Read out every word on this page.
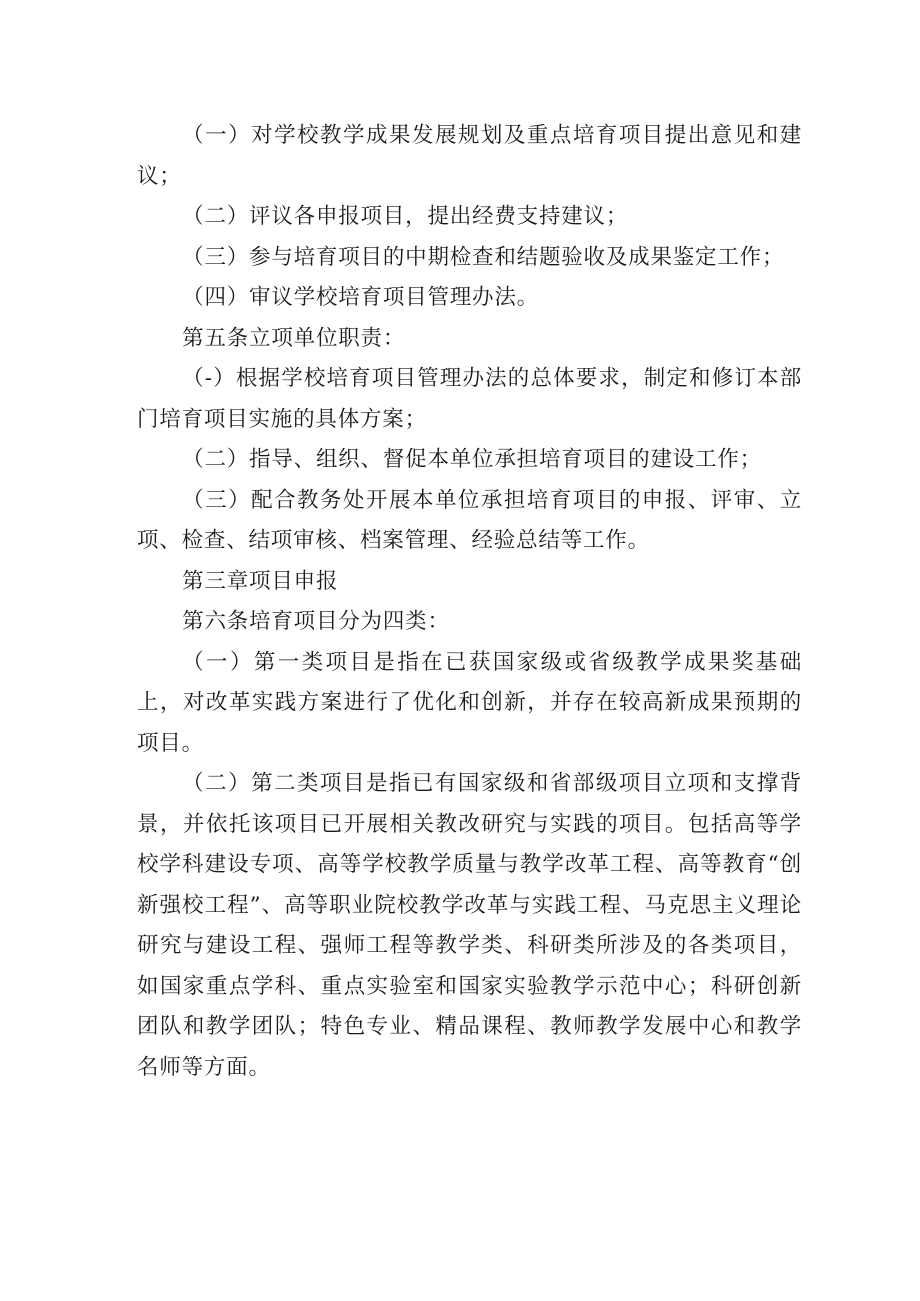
（一）对学校教学成果发展规划及重点培育项目提出意见和建议；

（二）评议各申报项目，提出经费支持建议；

（三）参与培育项目的中期检查和结题验收及成果鉴定工作；

（四）审议学校培育项目管理办法。

第五条立项单位职责：

（-）根据学校培育项目管理办法的总体要求，制定和修订本部门培育项目实施的具体方案；

（二）指导、组织、督促本单位承担培育项目的建设工作；

（三）配合教务处开展本单位承担培育项目的申报、评审、立项、检查、结项审核、档案管理、经验总结等工作。

第三章项目申报

第六条培育项目分为四类：

（一）第一类项目是指在已获国家级或省级教学成果奖基础上，对改革实践方案进行了优化和创新，并存在较高新成果预期的项目。

（二）第二类项目是指已有国家级和省部级项目立项和支撑背景，并依托该项目已开展相关教改研究与实践的项目。包括高等学校学科建设专项、高等学校教学质量与教学改革工程、高等教育“创新强校工程”、高等职业院校教学改革与实践工程、马克思主义理论研究与建设工程、强师工程等教学类、科研类所涉及的各类项目，如国家重点学科、重点实验室和国家实验教学示范中心；科研创新团队和教学团队；特色专业、精品课程、教师教学发展中心和教学名师等方面。
